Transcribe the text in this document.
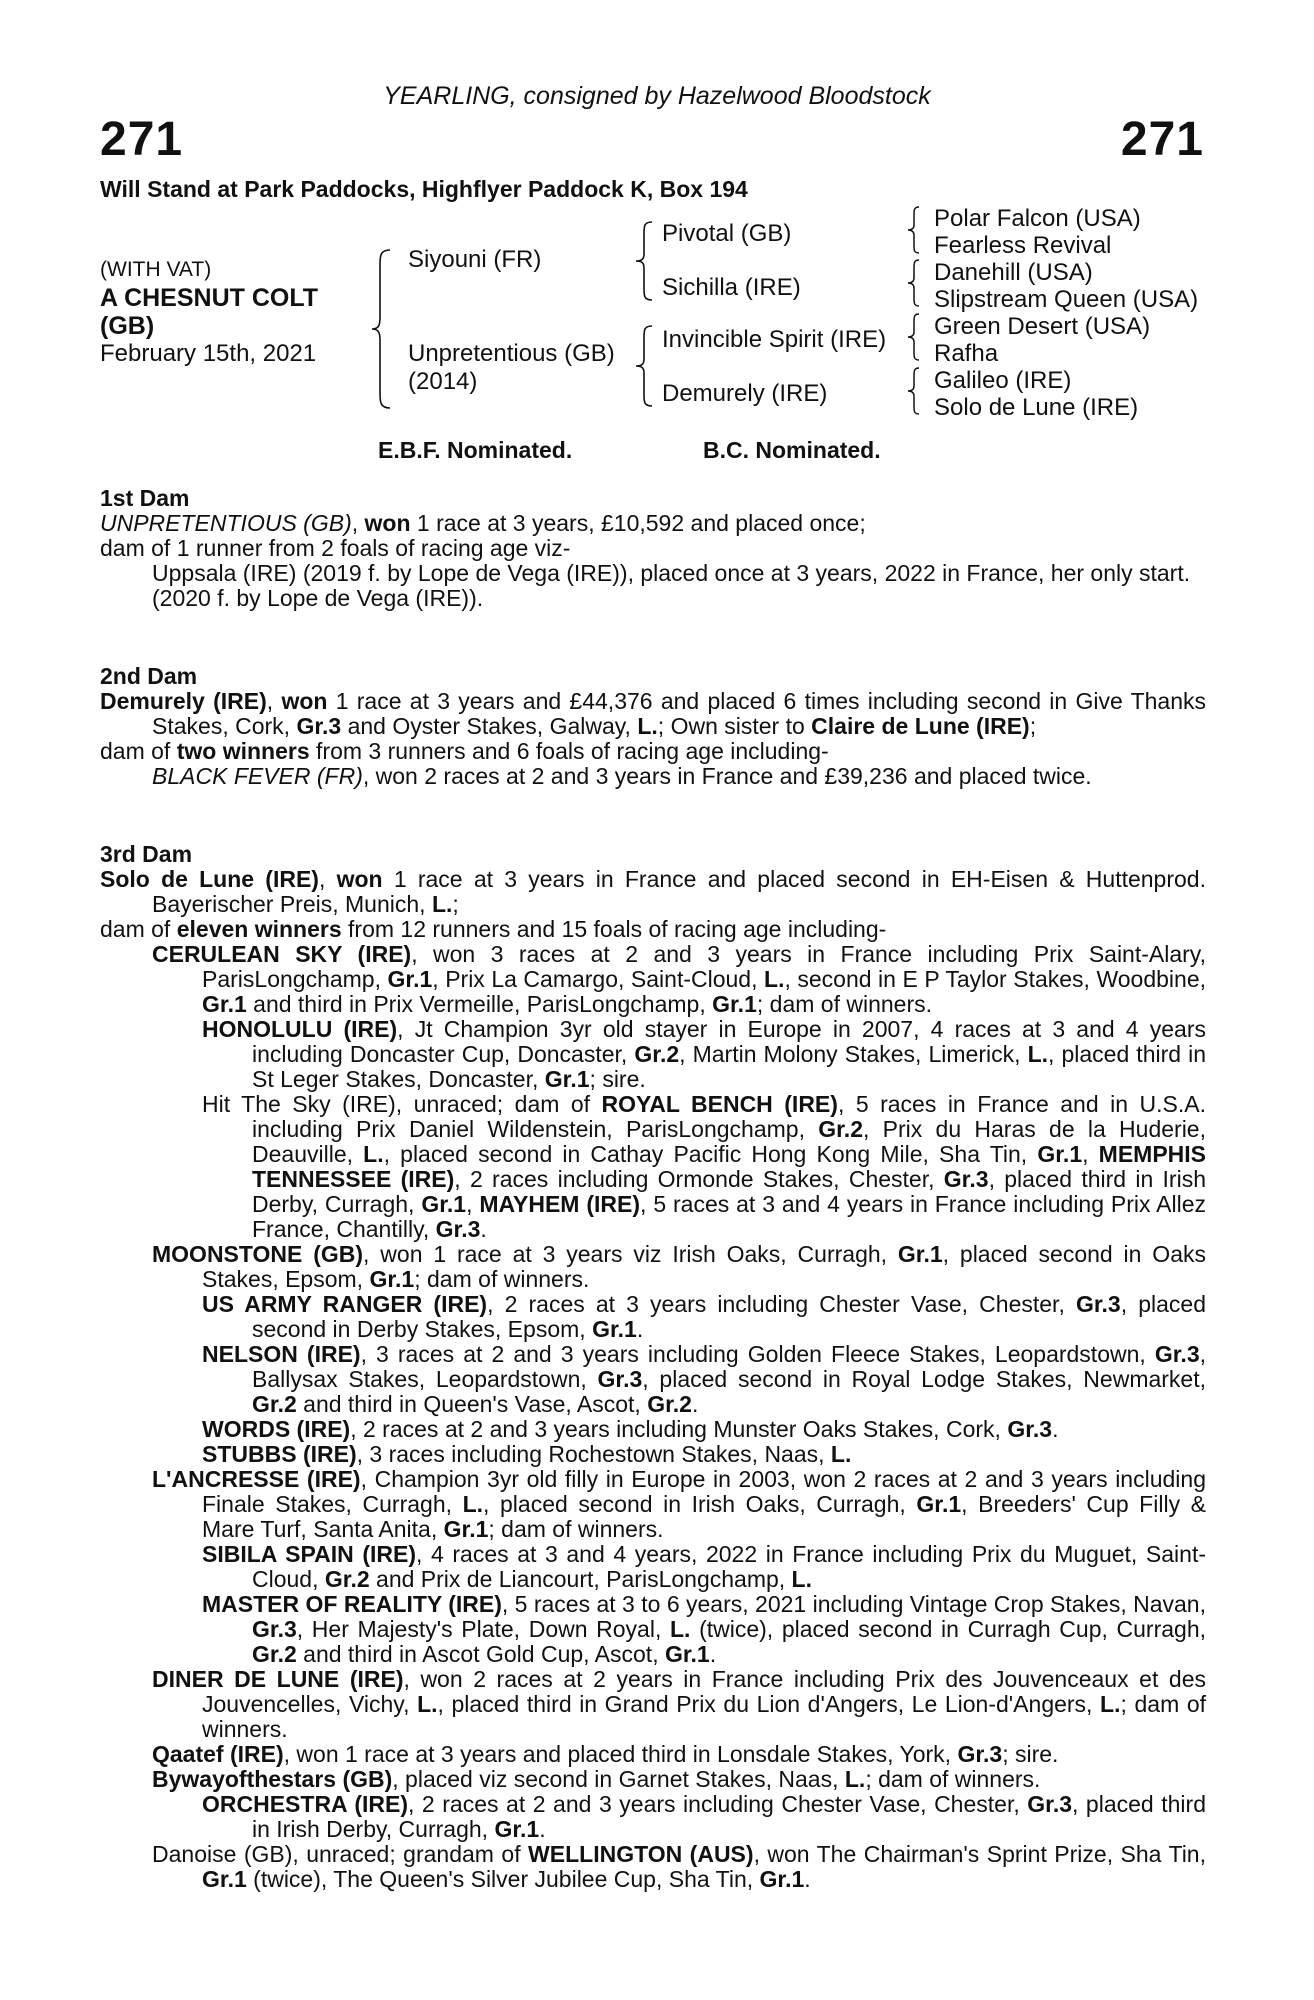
YEARLING, consigned by Hazelwood Bloodstock
271	271
Will Stand at Park Paddocks, Highflyer Paddock K, Box 194
(WITH VAT)
A CHESNUT COLT
(GB)
February 15th, 2021
Siyouni (FR)
Unpretentious (GB)
(2014)
Pivotal (GB)
Sichilla (IRE)
Invincible Spirit (IRE)
Demurely (IRE)
Polar Falcon (USA)
Fearless Revival
Danehill (USA)
Slipstream Queen (USA)
Green Desert (USA)
Rafha
Galileo (IRE)
Solo de Lune (IRE)
E.B.F. Nominated.	B.C. Nominated.
1st Dam

UNPRETENTIOUS (GB), won 1 race at 3 years, £10,592 and placed once;

dam of 1 runner from 2 foals of racing age viz-

Uppsala (IRE) (2019 f. by Lope de Vega (IRE)), placed once at 3 years, 2022 in France, her only start.

(2020 f. by Lope de Vega (IRE)).

2nd Dam

Demurely (IRE), won 1 race at 3 years and £44,376 and placed 6 times including second in Give Thanks Stakes, Cork, Gr.3 and Oyster Stakes, Galway, L.; Own sister to Claire de Lune (IRE);

dam of two winners from 3 runners and 6 foals of racing age including-

BLACK FEVER (FR), won 2 races at 2 and 3 years in France and £39,236 and placed twice.

3rd Dam

Solo de Lune (IRE), won 1 race at 3 years in France and placed second in EH-Eisen & Huttenprod. Bayerischer Preis, Munich, L.;

dam of eleven winners from 12 runners and 15 foals of racing age including-

CERULEAN SKY (IRE), won 3 races at 2 and 3 years in France including Prix Saint-Alary, ParisLongchamp, Gr.1, Prix La Camargo, Saint-Cloud, L., second in E P Taylor Stakes, Woodbine, Gr.1 and third in Prix Vermeille, ParisLongchamp, Gr.1; dam of winners.

HONOLULU (IRE), Jt Champion 3yr old stayer in Europe in 2007, 4 races at 3 and 4 years including Doncaster Cup, Doncaster, Gr.2, Martin Molony Stakes, Limerick, L., placed third in St Leger Stakes, Doncaster, Gr.1; sire.

Hit The Sky (IRE), unraced; dam of ROYAL BENCH (IRE), 5 races in France and in U.S.A. including Prix Daniel Wildenstein, ParisLongchamp, Gr.2, Prix du Haras de la Huderie, Deauville, L., placed second in Cathay Pacific Hong Kong Mile, Sha Tin, Gr.1, MEMPHIS TENNESSEE (IRE), 2 races including Ormonde Stakes, Chester, Gr.3, placed third in Irish Derby, Curragh, Gr.1, MAYHEM (IRE), 5 races at 3 and 4 years in France including Prix Allez France, Chantilly, Gr.3.

MOONSTONE (GB), won 1 race at 3 years viz Irish Oaks, Curragh, Gr.1, placed second in Oaks Stakes, Epsom, Gr.1; dam of winners.

US ARMY RANGER (IRE), 2 races at 3 years including Chester Vase, Chester, Gr.3, placed second in Derby Stakes, Epsom, Gr.1.

NELSON (IRE), 3 races at 2 and 3 years including Golden Fleece Stakes, Leopardstown, Gr.3, Ballysax Stakes, Leopardstown, Gr.3, placed second in Royal Lodge Stakes, Newmarket, Gr.2 and third in Queen's Vase, Ascot, Gr.2.

WORDS (IRE), 2 races at 2 and 3 years including Munster Oaks Stakes, Cork, Gr.3.

STUBBS (IRE), 3 races including Rochestown Stakes, Naas, L.

L'ANCRESSE (IRE), Champion 3yr old filly in Europe in 2003, won 2 races at 2 and 3 years including Finale Stakes, Curragh, L., placed second in Irish Oaks, Curragh, Gr.1, Breeders' Cup Filly & Mare Turf, Santa Anita, Gr.1; dam of winners.

SIBILA SPAIN (IRE), 4 races at 3 and 4 years, 2022 in France including Prix du Muguet, Saint-Cloud, Gr.2 and Prix de Liancourt, ParisLongchamp, L.

MASTER OF REALITY (IRE), 5 races at 3 to 6 years, 2021 including Vintage Crop Stakes, Navan, Gr.3, Her Majesty's Plate, Down Royal, L. (twice), placed second in Curragh Cup, Curragh, Gr.2 and third in Ascot Gold Cup, Ascot, Gr.1.

DINER DE LUNE (IRE), won 2 races at 2 years in France including Prix des Jouvenceaux et des Jouvencelles, Vichy, L., placed third in Grand Prix du Lion d'Angers, Le Lion-d'Angers, L.; dam of winners.

Qaatef (IRE), won 1 race at 3 years and placed third in Lonsdale Stakes, York, Gr.3; sire.

Bywayofthestars (GB), placed viz second in Garnet Stakes, Naas, L.; dam of winners.

ORCHESTRA (IRE), 2 races at 2 and 3 years including Chester Vase, Chester, Gr.3, placed third in Irish Derby, Curragh, Gr.1.

Danoise (GB), unraced; grandam of WELLINGTON (AUS), won The Chairman's Sprint Prize, Sha Tin, Gr.1 (twice), The Queen's Silver Jubilee Cup, Sha Tin, Gr.1.
